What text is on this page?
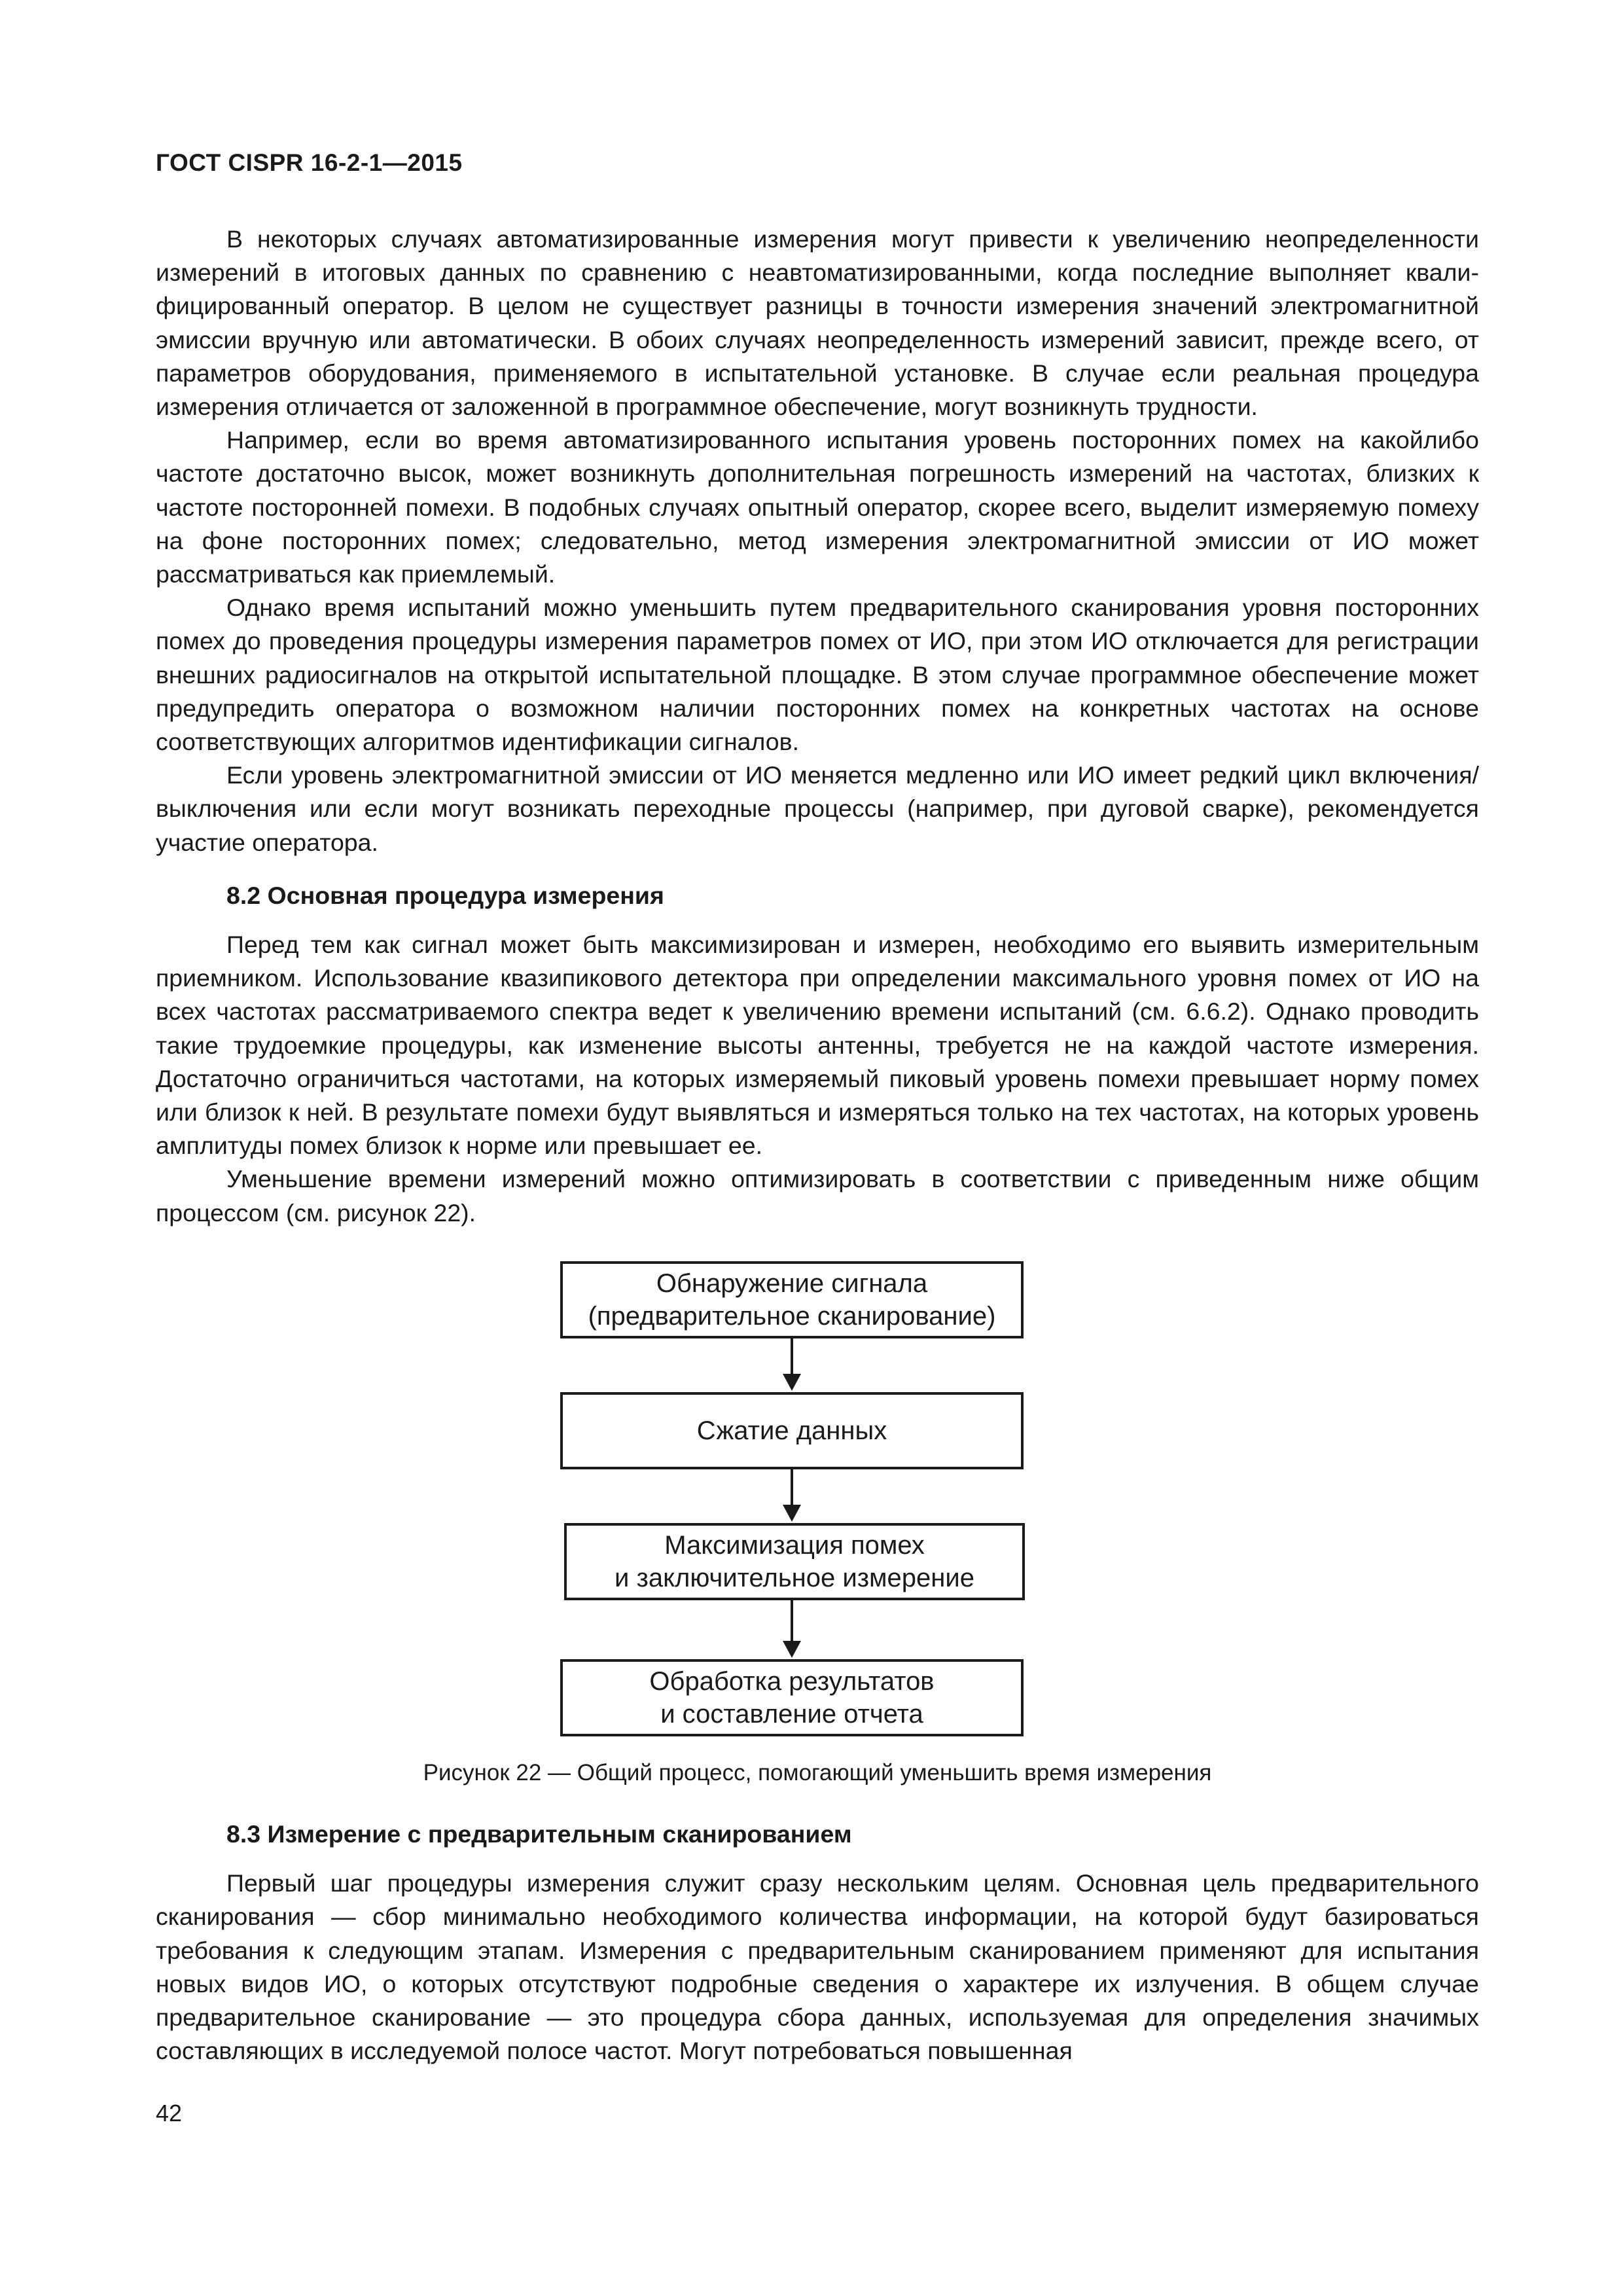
ГОСТ CISPR 16-2-1—2015

В некоторых случаях автоматизированные измерения могут привести к увеличению неопределенности измерений в итоговых данных по сравнению с неавтоматизированными, когда последние выполняет квалифицированный оператор. В целом не существует разницы в точности измерения значений электромагнитной эмиссии вручную или автоматически. В обоих случаях неопределенность измерений зависит, прежде всего, от параметров оборудования, применяемого в испытательной установке. В случае если реальная процедура измерения отличается от заложенной в программное обеспечение, могут возникнуть трудности.

Например, если во время автоматизированного испытания уровень посторонних помех на какойлибо частоте достаточно высок, может возникнуть дополнительная погрешность измерений на частотах, близких к частоте посторонней помехи. В подобных случаях опытный оператор, скорее всего, выделит измеряемую помеху на фоне посторонних помех; следовательно, метод измерения электромагнитной эмиссии от ИО может рассматриваться как приемлемый.

Однако время испытаний можно уменьшить путем предварительного сканирования уровня посторонних помех до проведения процедуры измерения параметров помех от ИО, при этом ИО отключается для регистрации внешних радиосигналов на открытой испытательной площадке. В этом случае программное обеспечение может предупредить оператора о возможном наличии посторонних помех на конкретных частотах на основе соответствующих алгоритмов идентификации сигналов.

Если уровень электромагнитной эмиссии от ИО меняется медленно или ИО имеет редкий цикл включения/выключения или если могут возникать переходные процессы (например, при дуговой сварке), рекомендуется участие оператора.

8.2 Основная процедура измерения

Перед тем как сигнал может быть максимизирован и измерен, необходимо его выявить измерительным приемником. Использование квазипикового детектора при определении максимального уровня помех от ИО на всех частотах рассматриваемого спектра ведет к увеличению времени испытаний (см. 6.6.2). Однако проводить такие трудоемкие процедуры, как изменение высоты антенны, требуется не на каждой частоте измерения. Достаточно ограничиться частотами, на которых измеряемый пиковый уровень помехи превышает норму помех или близок к ней. В результате помехи будут выявляться и измеряться только на тех частотах, на которых уровень амплитуды помех близок к норме или превышает ее.

Уменьшение времени измерений можно оптимизировать в соответствии с приведенным ниже общим процессом (см. рисунок 22).

Обнаружение сигнала
(предварительное сканирование)
Сжатие данных
Максимизация помех
и заключительное измерение
Обработка результатов
и составление отчета
Рисунок 22 — Общий процесс, помогающий уменьшить время измерения
8.3 Измерение с предварительным сканированием

Первый шаг процедуры измерения служит сразу нескольким целям. Основная цель предварительного сканирования — сбор минимально необходимого количества информации, на которой будут базироваться требования к следующим этапам. Измерения с предварительным сканированием применяют для испытания новых видов ИО, о которых отсутствуют подробные сведения о характере их излучения. В общем случае предварительное сканирование — это процедура сбора данных, используемая для определения значимых составляющих в исследуемой полосе частот. Могут потребоваться повышенная

42
